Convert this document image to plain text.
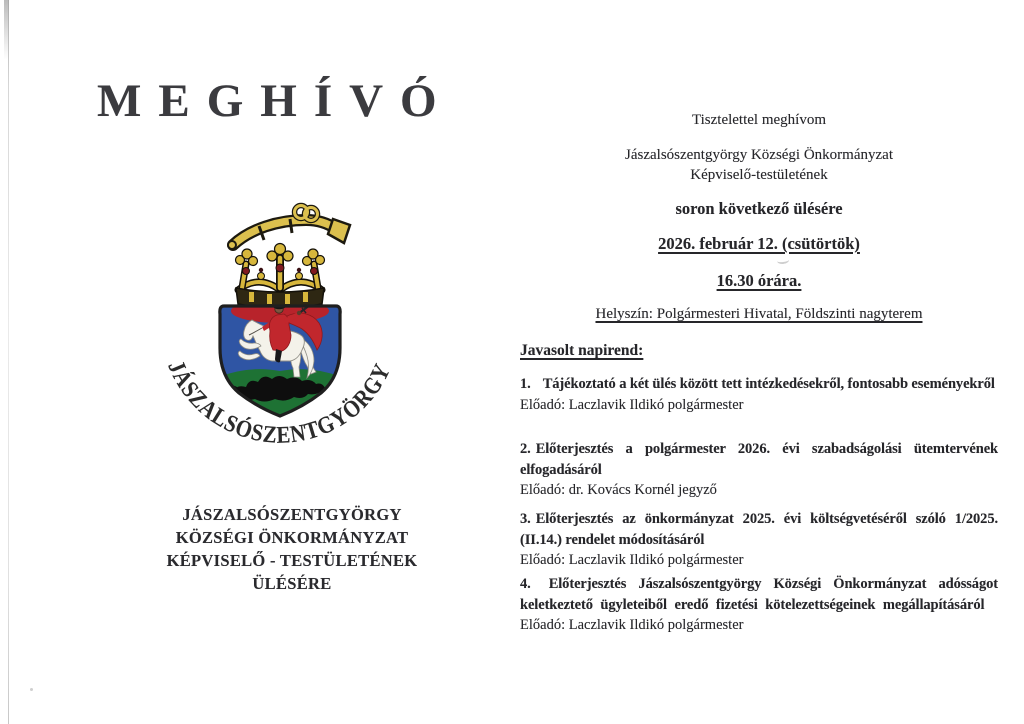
MEGHÍVÓ
JÁSZALSÓSZENTGYÖRGY
JÁSZALSÓSZENTGYÖRGY
KÖZSÉGI ÖNKORMÁNYZAT
KÉPVISELŐ - TESTÜLETÉNEK
ÜLÉSÉRE

Tisztelettel meghívom

Jászalsószentgyörgy Községi Önkormányzat

Képviselő-testületének

soron következő ülésére

2026. február 12. (csütörtök)

16.30 órára.

Helyszín: Polgármesteri Hivatal, Földszinti nagyterem

Javasolt napirend:

1. Tájékoztató a két ülés között tett intézkedésekről, fontosabb eseményekről

Előadó: Laczlavik Ildikó polgármester

2. Előterjesztés a polgármester 2026. évi szabadságolási ütemtervének elfogadásáról

Előadó: dr. Kovács Kornél jegyző

3. Előterjesztés az önkormányzat 2025. évi költségvetéséről szóló 1/2025. (II.14.) rendelet módosításáról

Előadó: Laczlavik Ildikó polgármester

4. Előterjesztés Jászalsószentgyörgy Községi Önkormányzat adósságot keletkeztető ügyleteiből eredő fizetési kötelezettségeinek megállapításáról

Előadó: Laczlavik Ildikó polgármester
